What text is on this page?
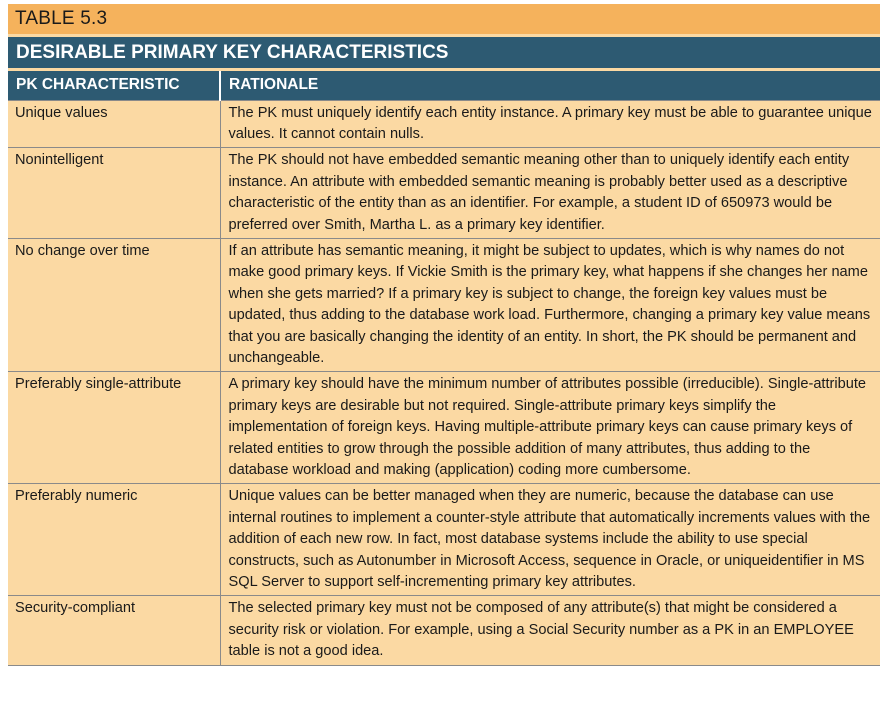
TABLE 5.3
DESIRABLE PRIMARY KEY CHARACTERISTICS
PK CHARACTERISTIC	RATIONALE
Unique values	The PK must uniquely identify each entity instance. A primary key must be able to guarantee unique values. It cannot contain nulls.
Nonintelligent	The PK should not have embedded semantic meaning other than to uniquely identify each entity instance. An attribute with embedded semantic meaning is probably better used as a descriptive characteristic of the entity than as an identifier. For example, a student ID of 650973 would be preferred over Smith, Martha L. as a primary key identifier.
No change over time	If an attribute has semantic meaning, it might be subject to updates, which is why names do not make good primary keys. If Vickie Smith is the primary key, what happens if she changes her name when she gets married? If a primary key is subject to change, the foreign key values must be updated, thus adding to the database work load. Furthermore, changing a primary key value means that you are basically changing the identity of an entity. In short, the PK should be permanent and unchangeable.
Preferably single-attribute	A primary key should have the minimum number of attributes possible (irreducible). Single-attribute primary keys are desirable but not required. Single-attribute primary keys simplify the implementation of foreign keys. Having multiple-attribute primary keys can cause primary keys of related entities to grow through the possible addition of many attributes, thus adding to the database workload and making (application) coding more cumbersome.
Preferably numeric	Unique values can be better managed when they are numeric, because the database can use internal routines to implement a counter-style attribute that automatically increments values with the addition of each new row. In fact, most database systems include the ability to use special constructs, such as Autonumber in Microsoft Access, sequence in Oracle, or uniqueidentifier in MS SQL Server to support self-incrementing primary key attributes.
Security-compliant	The selected primary key must not be composed of any attribute(s) that might be considered a security risk or violation. For example, using a Social Security number as a PK in an EMPLOYEE table is not a good idea.
